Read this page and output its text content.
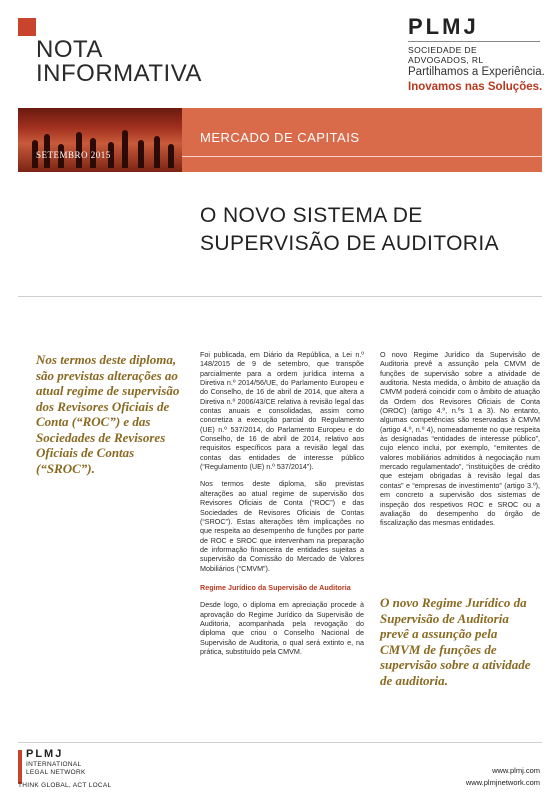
NOTA
INFORMATIVA
PLMJ
SOCIEDADE DE ADVOGADOS, RL
Partilhamos a Experiência.
Inovamos nas Soluções.
SETEMBRO 2015
MERCADO DE CAPITAIS
O NOVO SISTEMA DE
SUPERVISÃO DE AUDITORIA
Nos termos deste diploma, são previstas alterações ao atual regime de supervisão dos Revisores Oficiais de Conta (“ROC”) e das Sociedades de Revisores Oficiais de Contas (“SROC”).
O novo Regime Jurídico da Supervisão de Auditoria prevê a assunção pela CMVM de funções de supervisão sobre a atividade de auditoria.

Foi publicada, em Diário da República, a Lei n.º 148/2015 de 9 de setembro, que transpõe parcialmente para a ordem jurídica interna a Diretiva n.º 2014/56/UE, do Parlamento Europeu e do Conselho, de 16 de abril de 2014, que altera a Diretiva n.º 2006/43/CE relativa à revisão legal das contas anuais e consolidadas, assim como concretiza a execução parcial do Regulamento (UE) n.º 537/2014, do Parlamento Europeu e do Conselho, de 16 de abril de 2014, relativo aos requisitos específicos para a revisão legal das contas das entidades de interesse público (“Regulamento (UE) n.º 537/2014”).

Nos termos deste diploma, são previstas alterações ao atual regime de supervisão dos Revisores Oficiais de Conta (“ROC”) e das Sociedades de Revisores Oficiais de Contas (“SROC”). Estas alterações têm implicações no que respeita ao desempenho de funções por parte de ROC e SROC que intervenham na preparação de informação financeira de entidades sujeitas a supervisão da Comissão do Mercado de Valores Mobiliários (“CMVM”).

Regime Jurídico da Supervisão de Auditoria

Desde logo, o diploma em apreciação procede à aprovação do Regime Jurídico da Supervisão de Auditoria, acompanhada pela revogação do diploma que criou o Conselho Nacional de Supervisão de Auditoria, o qual será extinto e, na prática, substituído pela CMVM.

O novo Regime Jurídico da Supervisão de Auditoria prevê a assunção pela CMVM de funções de supervisão sobre a atividade de auditoria. Nesta medida, o âmbito de atuação da CMVM poderá coincidir com o âmbito de atuação da Ordem dos Revisores Oficiais de Conta (OROC) (artigo 4.º, n.ºs 1 a 3). No entanto, algumas competências são reservadas à CMVM (artigo 4.º, n.º 4), nomeadamente no que respeita às designadas “entidades de interesse público”, cujo elenco inclui, por exemplo, “emitentes de valores mobiliários admitidos à negociação num mercado regulamentado”, “instituições de crédito que estejam obrigadas à revisão legal das contas” e “empresas de investimento” (artigo 3.º), em concreto a supervisão dos sistemas de inspeção dos respetivos ROC e SROC ou a avaliação do desempenho do órgão de fiscalização das mesmas entidades.

PLMJ
INTERNATIONAL
LEGAL NETWORK
THINK GLOBAL, ACT LOCAL
www.plmj.com
www.plmjnetwork.com
